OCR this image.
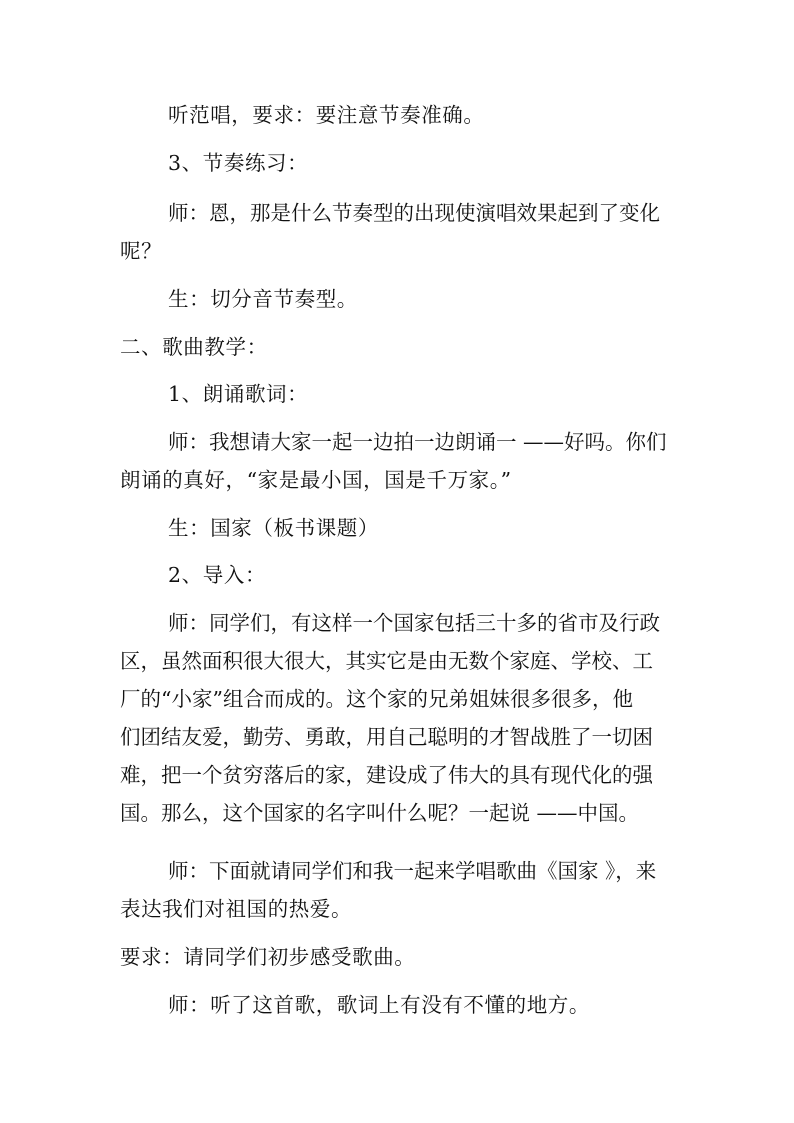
听范唱，要求：要注意节奏准确。

3、节奏练习：

师：恩，那是什么节奏型的出现使演唱效果起到了变化

呢？

生：切分音节奏型。

二、歌曲教学：

1、朗诵歌词：

师：我想请大家一起一边拍一边朗诵一 ——好吗。你们

朗诵的真好，“家是最小国，国是千万家。”

生：国家（板书课题）

2、导入：

师：同学们，有这样一个国家包括三十多的省市及行政

区，虽然面积很大很大，其实它是由无数个家庭、学校、工

厂的“小家”组合而成的。这个家的兄弟姐妹很多很多，他

们团结友爱，勤劳、勇敢，用自己聪明的才智战胜了一切困

难，把一个贫穷落后的家，建设成了伟大的具有现代化的强

国。那么，这个国家的名字叫什么呢？一起说 ——中国。

师：下面就请同学们和我一起来学唱歌曲《国家 》，来

表达我们对祖国的热爱。

要求：请同学们初步感受歌曲。

师：听了这首歌，歌词上有没有不懂的地方。
